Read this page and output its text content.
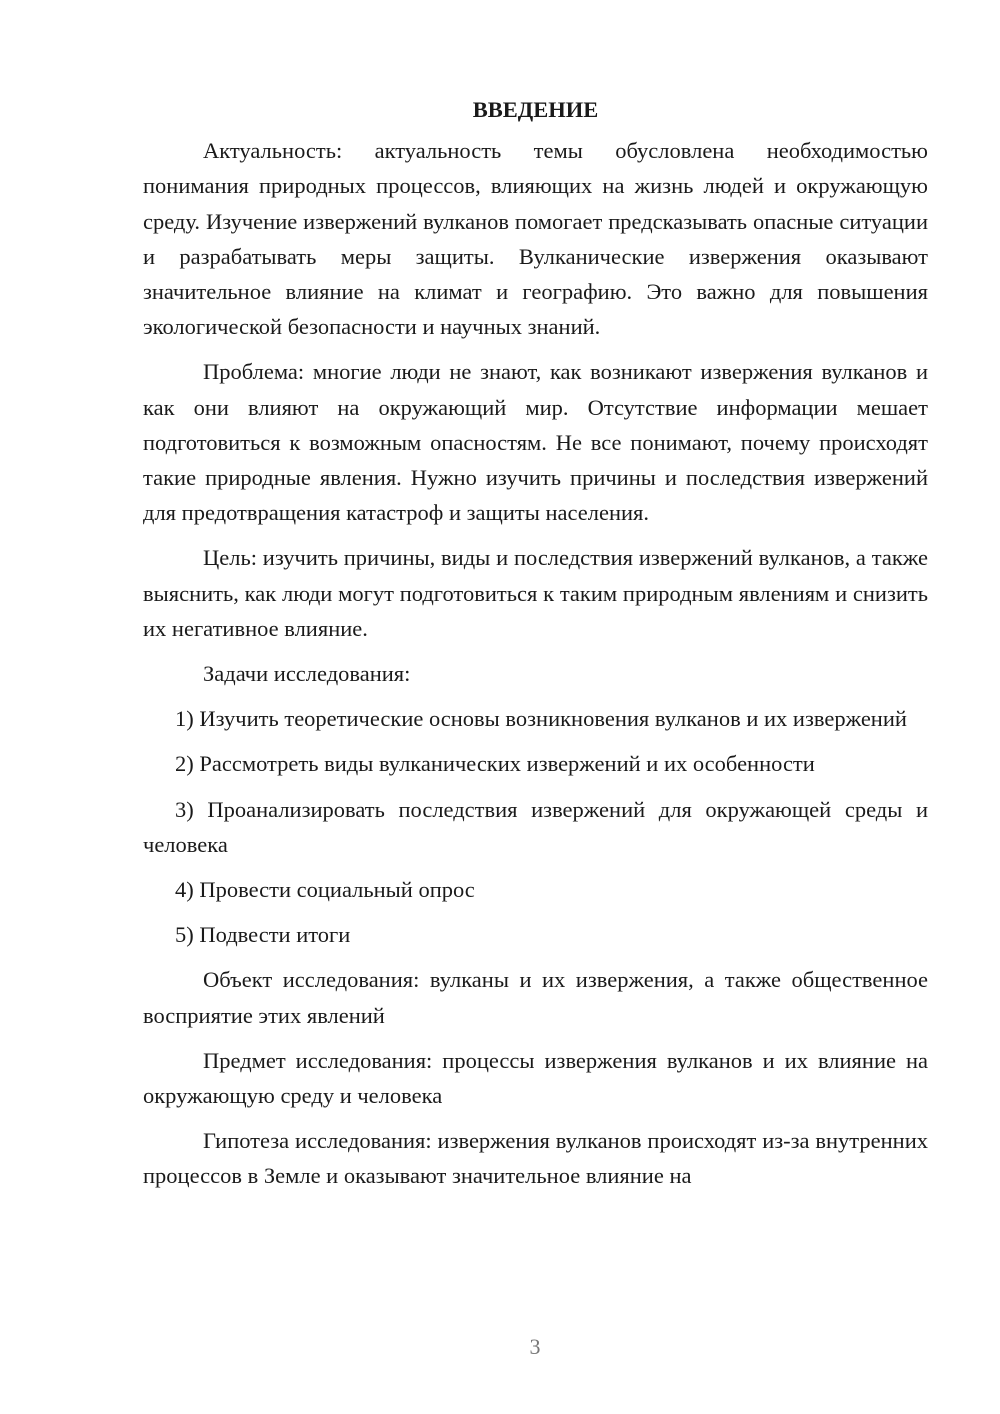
ВВЕДЕНИЕ

Актуальность: актуальность темы обусловлена необходимостью понимания природных процессов, влияющих на жизнь людей и окружающую среду. Изучение извержений вулканов помогает предсказывать опасные ситуации и разрабатывать меры защиты. Вулканические извержения оказывают значительное влияние на климат и географию. Это важно для повышения экологической безопасности и научных знаний.

Проблема: многие люди не знают, как возникают извержения вулканов и как они влияют на окружающий мир. Отсутствие информации мешает подготовиться к возможным опасностям. Не все понимают, почему происходят такие природные явления. Нужно изучить причины и последствия извержений для предотвращения катастроф и защиты населения.

Цель: изучить причины, виды и последствия извержений вулканов, а также выяснить, как люди могут подготовиться к таким природным явлениям и снизить их негативное влияние.

Задачи исследования:

1) Изучить теоретические основы возникновения вулканов и их извержений

2) Рассмотреть виды вулканических извержений и их особенности

3) Проанализировать последствия извержений для окружающей среды и человека

4) Провести социальный опрос

5) Подвести итоги

Объект исследования: вулканы и их извержения, а также общественное восприятие этих явлений

Предмет исследования: процессы извержения вулканов и их влияние на окружающую среду и человека

Гипотеза исследования: извержения вулканов происходят из-за внутренних процессов в Земле и оказывают значительное влияние на

3
